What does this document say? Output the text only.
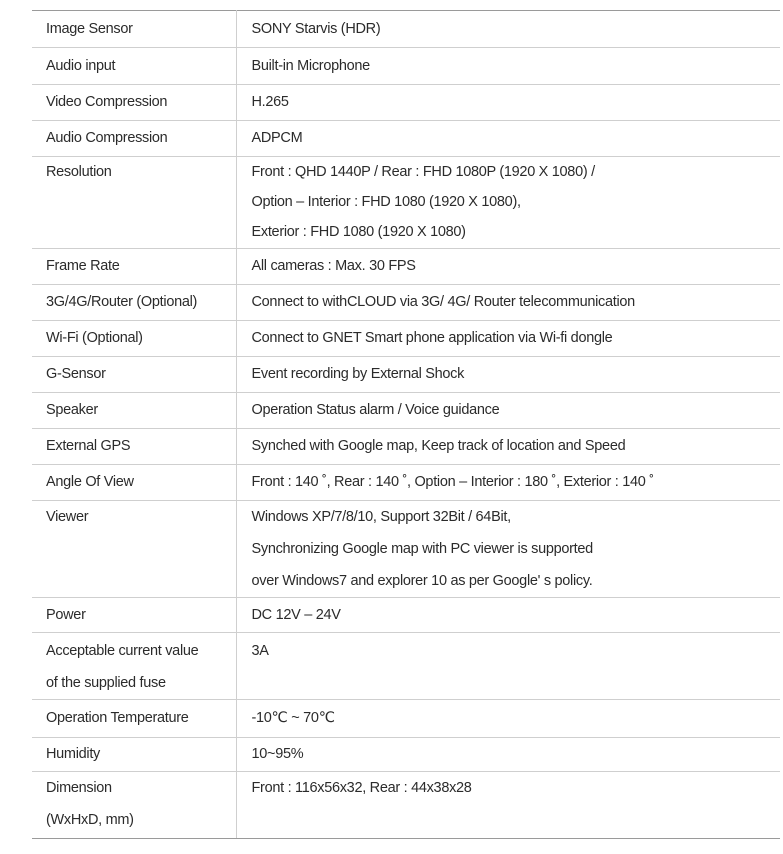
Image Sensor	SONY Starvis (HDR)

Audio input	Built-in Microphone

Video Compression	H.265

Audio Compression	ADPCM

Resolution	Front : QHD 1440P / Rear : FHD 1080P (1920 X 1080) /
Option – Interior : FHD 1080 (1920 X 1080),
Exterior : FHD 1080 (1920 X 1080)

Frame Rate	All cameras : Max. 30 FPS

3G/4G/Router (Optional)	Connect to withCLOUD via 3G/ 4G/ Router telecommunication

Wi-Fi (Optional)	Connect to GNET Smart phone application via Wi-fi dongle

G-Sensor	Event recording by External Shock

Speaker	Operation Status alarm / Voice guidance

External GPS	Synched with Google map, Keep track of location and Speed

Angle Of View	Front : 140 ˚, Rear : 140 ˚, Option – Interior : 180 ˚, Exterior : 140 ˚

Viewer	Windows XP/7/8/10, Support 32Bit / 64Bit,
Synchronizing Google map with PC viewer is supported
over Windows7 and explorer 10 as per Google' s policy.

Power	DC 12V – 24V

Acceptable current value
of the supplied fuse	3A

Operation Temperature	-10℃ ~ 70℃

Humidity	10~95%

Dimension
(WxHxD, mm)	Front : 116x56x32, Rear : 44x38x28
